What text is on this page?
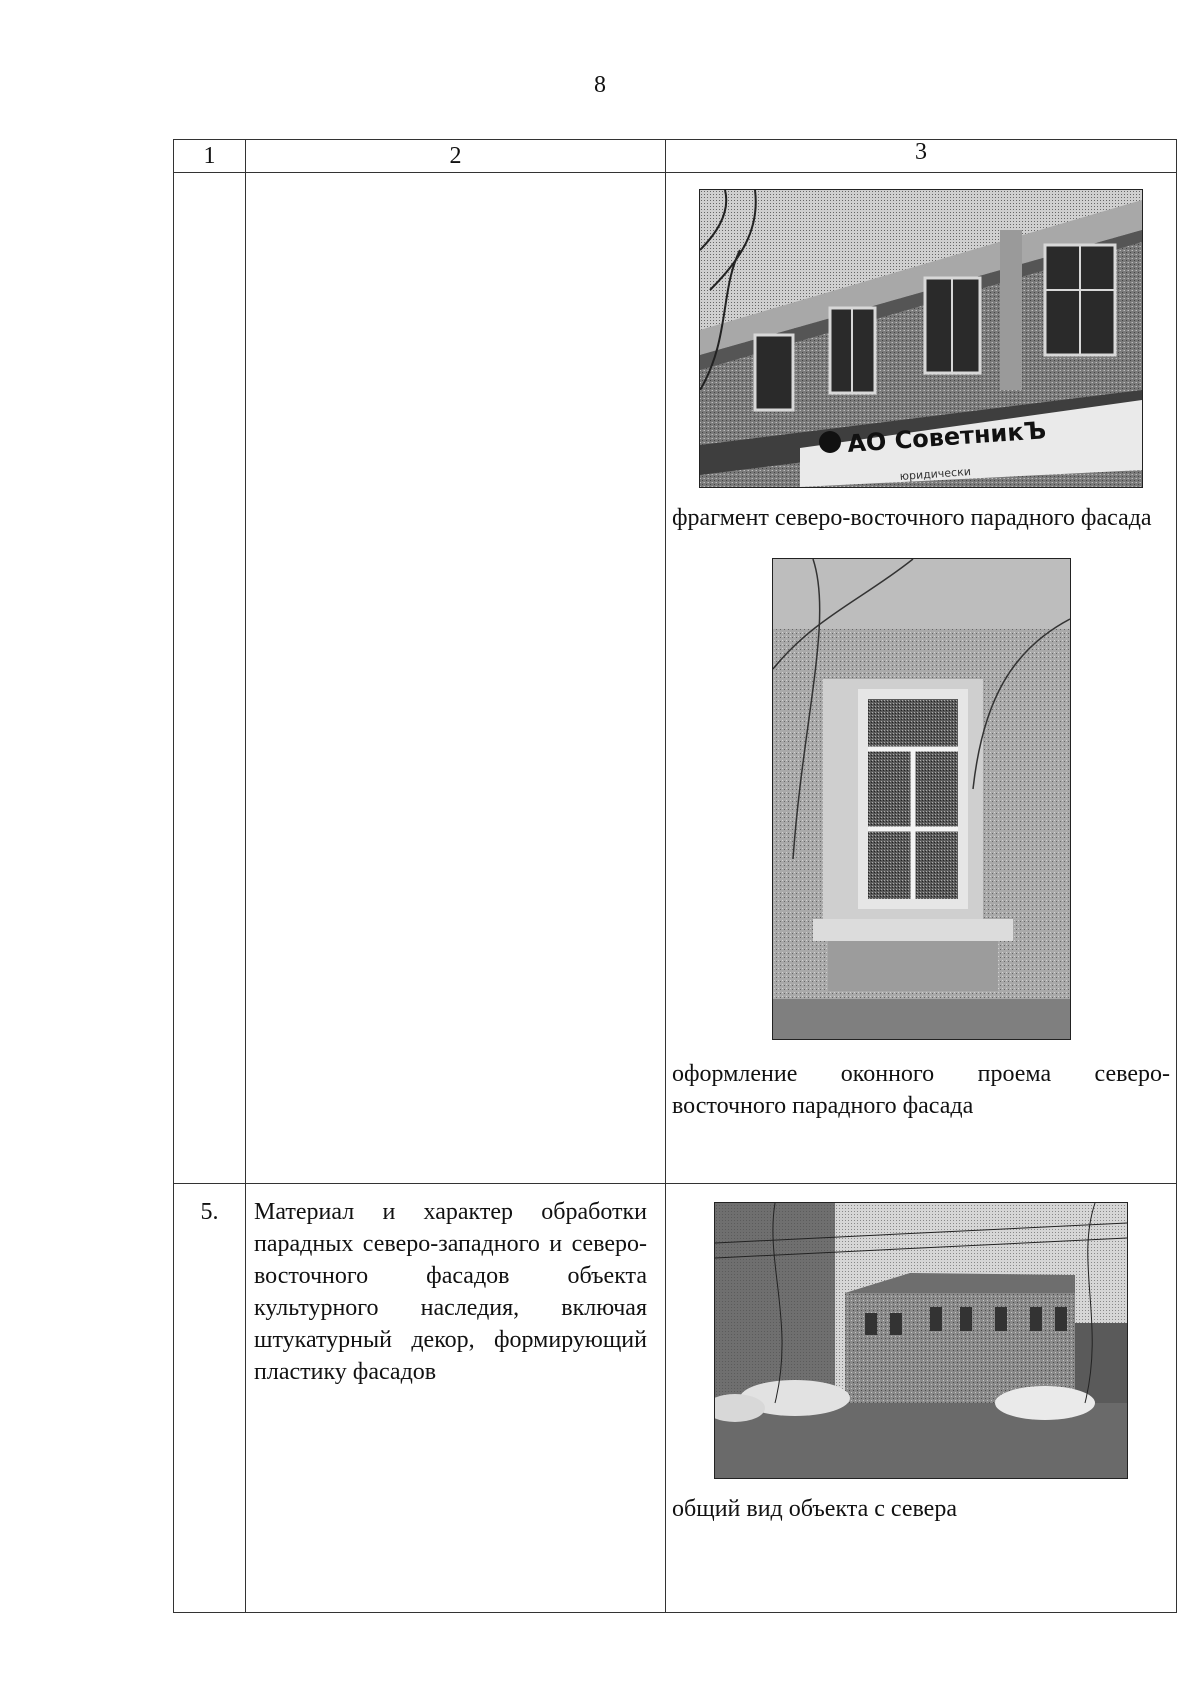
8
1	2	3

АО СоветникЪ
юридически

фрагмент северо-восточного парадного фасада

оформление оконного проема северо-восточного парадного фасада

5.	Материал и характер обработки парадных северо-западного и северо-восточного фасадов объекта культурного наследия, включая штукатурный декор, формирующий пластику фасадов	общий вид объекта с севера
